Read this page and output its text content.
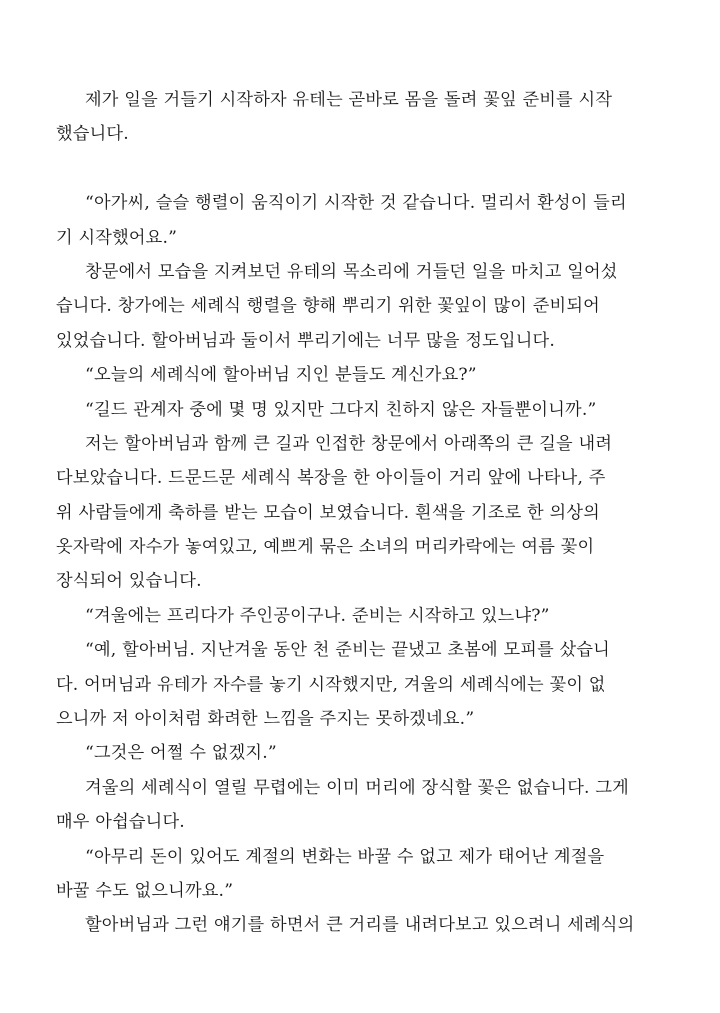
제가 일을 거들기 시작하자 유테는 곧바로 몸을 돌려 꽃잎 준비를 시작
했습니다.
“아가씨, 슬슬 행렬이 움직이기 시작한 것 같습니다. 멀리서 환성이 들리
기 시작했어요.”
창문에서 모습을 지켜보던 유테의 목소리에 거들던 일을 마치고 일어섰
습니다. 창가에는 세례식 행렬을 향해 뿌리기 위한 꽃잎이 많이 준비되어
있었습니다. 할아버님과 둘이서 뿌리기에는 너무 많을 정도입니다.
“오늘의 세례식에 할아버님 지인 분들도 계신가요?”
“길드 관계자 중에 몇 명 있지만 그다지 친하지 않은 자들뿐이니까.”
저는 할아버님과 함께 큰 길과 인접한 창문에서 아래쪽의 큰 길을 내려
다보았습니다. 드문드문 세례식 복장을 한 아이들이 거리 앞에 나타나, 주
위 사람들에게 축하를 받는 모습이 보였습니다. 흰색을 기조로 한 의상의
옷자락에 자수가 놓여있고, 예쁘게 묶은 소녀의 머리카락에는 여름 꽃이
장식되어 있습니다.
“겨울에는 프리다가 주인공이구나. 준비는 시작하고 있느냐?”
“예, 할아버님. 지난겨울 동안 천 준비는 끝냈고 초봄에 모피를 샀습니
다. 어머님과 유테가 자수를 놓기 시작했지만, 겨울의 세례식에는 꽃이 없
으니까 저 아이처럼 화려한 느낌을 주지는 못하겠네요.”
“그것은 어쩔 수 없겠지.”
겨울의 세례식이 열릴 무렵에는 이미 머리에 장식할 꽃은 없습니다. 그게
매우 아쉽습니다.
“아무리 돈이 있어도 계절의 변화는 바꿀 수 없고 제가 태어난 계절을
바꿀 수도 없으니까요.”
할아버님과 그런 얘기를 하면서 큰 거리를 내려다보고 있으려니 세례식의
